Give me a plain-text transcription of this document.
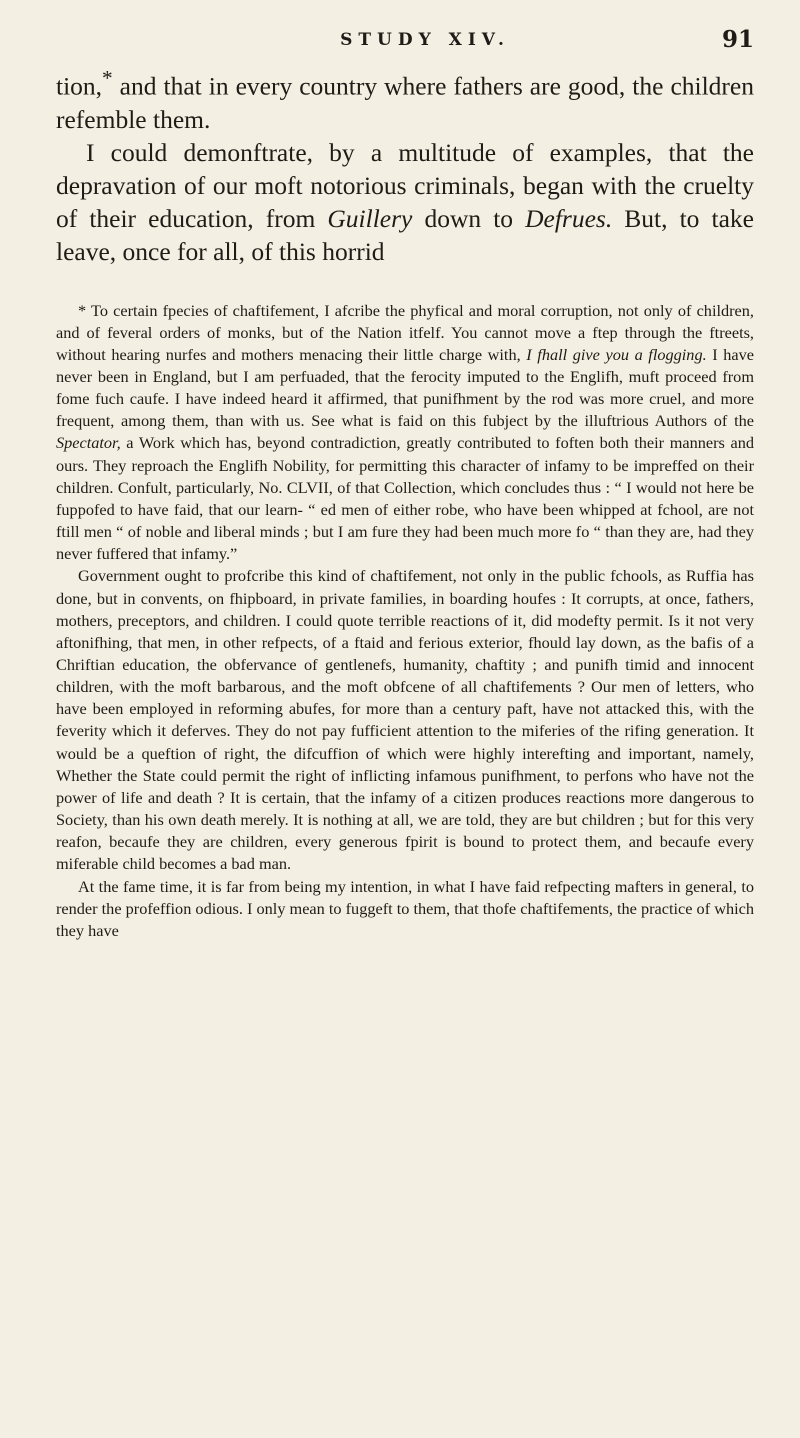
STUDY XIV.	91

tion,* and that in every country where fathers are good, the children refemble them.

I could demonftrate, by a multitude of examples, that the depravation of our moft notorious criminals, began with the cruelty of their education, from Guillery down to Defrues. But, to take leave, once for all, of this horrid

* To certain fpecies of chaftifement, I afcribe the phyfical and moral corruption, not only of children, and of feveral orders of monks, but of the Nation itfelf. You cannot move a ftep through the ftreets, without hearing nurfes and mothers menacing their little charge with, I fhall give you a flogging. I have never been in England, but I am perfuaded, that the ferocity imputed to the Englifh, muft proceed from fome fuch caufe. I have indeed heard it affirmed, that punifhment by the rod was more cruel, and more frequent, among them, than with us. See what is faid on this fubject by the illuftrious Authors of the Spectator, a Work which has, beyond contradiction, greatly contributed to foften both their manners and ours. They reproach the Englifh Nobility, for permitting this character of infamy to be impreffed on their children. Confult, particularly, No. CLVII, of that Collection, which concludes thus : “ I would not here be fuppofed to have faid, that our learn- “ ed men of either robe, who have been whipped at fchool, are not ftill men “ of noble and liberal minds ; but I am fure they had been much more fo “ than they are, had they never fuffered that infamy.”

Government ought to profcribe this kind of chaftifement, not only in the public fchools, as Ruffia has done, but in convents, on fhipboard, in private families, in boarding houfes : It corrupts, at once, fathers, mothers, preceptors, and children. I could quote terrible reactions of it, did modefty permit. Is it not very aftonifhing, that men, in other refpects, of a ftaid and ferious exterior, fhould lay down, as the bafis of a Chriftian education, the obfervance of gentlenefs, humanity, chaftity ; and punifh timid and innocent children, with the moft barbarous, and the moft obfcene of all chaftifements ? Our men of letters, who have been employed in reforming abufes, for more than a century paft, have not attacked this, with the feverity which it deferves. They do not pay fufficient attention to the miferies of the rifing generation. It would be a queftion of right, the difcuffion of which were highly interefting and important, namely, Whether the State could permit the right of inflicting infamous punifhment, to perfons who have not the power of life and death ? It is certain, that the infamy of a citizen produces reactions more dangerous to Society, than his own death merely. It is nothing at all, we are told, they are but children ; but for this very reafon, becaufe they are children, every generous fpirit is bound to protect them, and becaufe every miferable child becomes a bad man.

At the fame time, it is far from being my intention, in what I have faid refpecting mafters in general, to render the profeffion odious. I only mean to fuggeft to them, that thofe chaftifements, the practice of which they have
